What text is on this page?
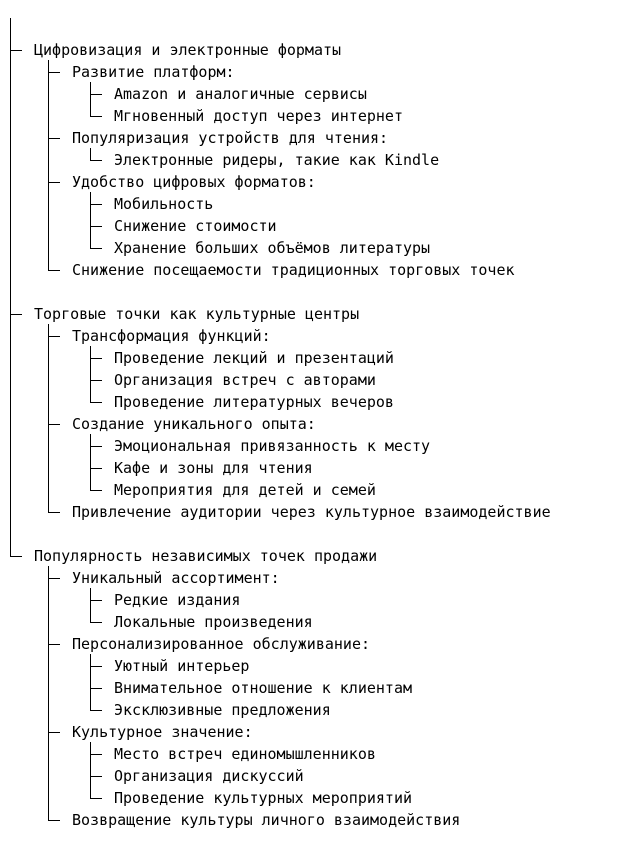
Цифровизация и электронные форматы
Развитие платформ:
Amazon и аналогичные сервисы
Мгновенный доступ через интернет
Популяризация устройств для чтения:
Электронные ридеры, такие как Kindle
Удобство цифровых форматов:
Мобильность
Снижение стоимости
Хранение больших объёмов литературы
Снижение посещаемости традиционных торговых точек
Торговые точки как культурные центры
Трансформация функций:
Проведение лекций и презентаций
Организация встреч с авторами
Проведение литературных вечеров
Создание уникального опыта:
Эмоциональная привязанность к месту
Кафе и зоны для чтения
Мероприятия для детей и семей
Привлечение аудитории через культурное взаимодействие
Популярность независимых точек продажи
Уникальный ассортимент:
Редкие издания
Локальные произведения
Персонализированное обслуживание:
Уютный интерьер
Внимательное отношение к клиентам
Эксклюзивные предложения
Культурное значение:
Место встреч единомышленников
Организация дискуссий
Проведение культурных мероприятий
Возвращение культуры личного взаимодействия
